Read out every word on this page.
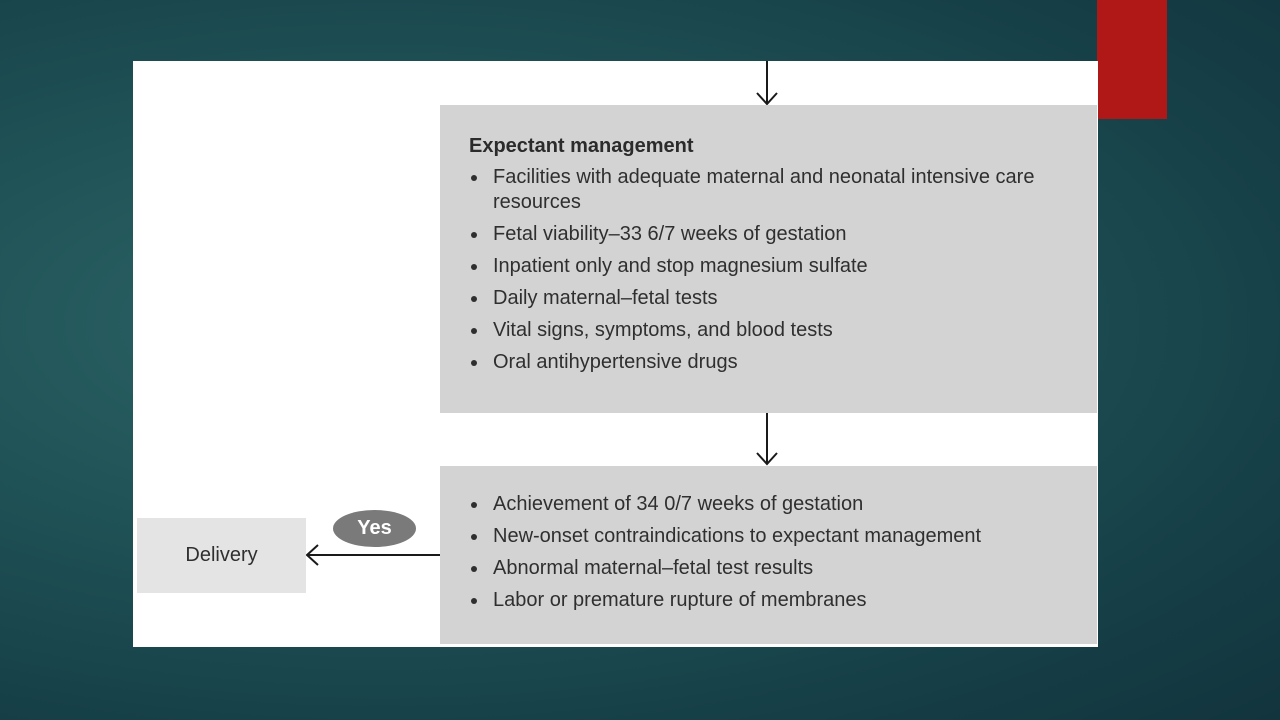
Expectant management
Facilities with adequate maternal and neonatal intensive care resources
Fetal viability–33 6/7 weeks of gestation
Inpatient only and stop magnesium sulfate
Daily maternal–fetal tests
Vital signs, symptoms, and blood tests
Oral antihypertensive drugs
Achievement of 34 0/7 weeks of gestation
New-onset contraindications to expectant management
Abnormal maternal–fetal test results
Labor or premature rupture of membranes
Yes
Delivery
